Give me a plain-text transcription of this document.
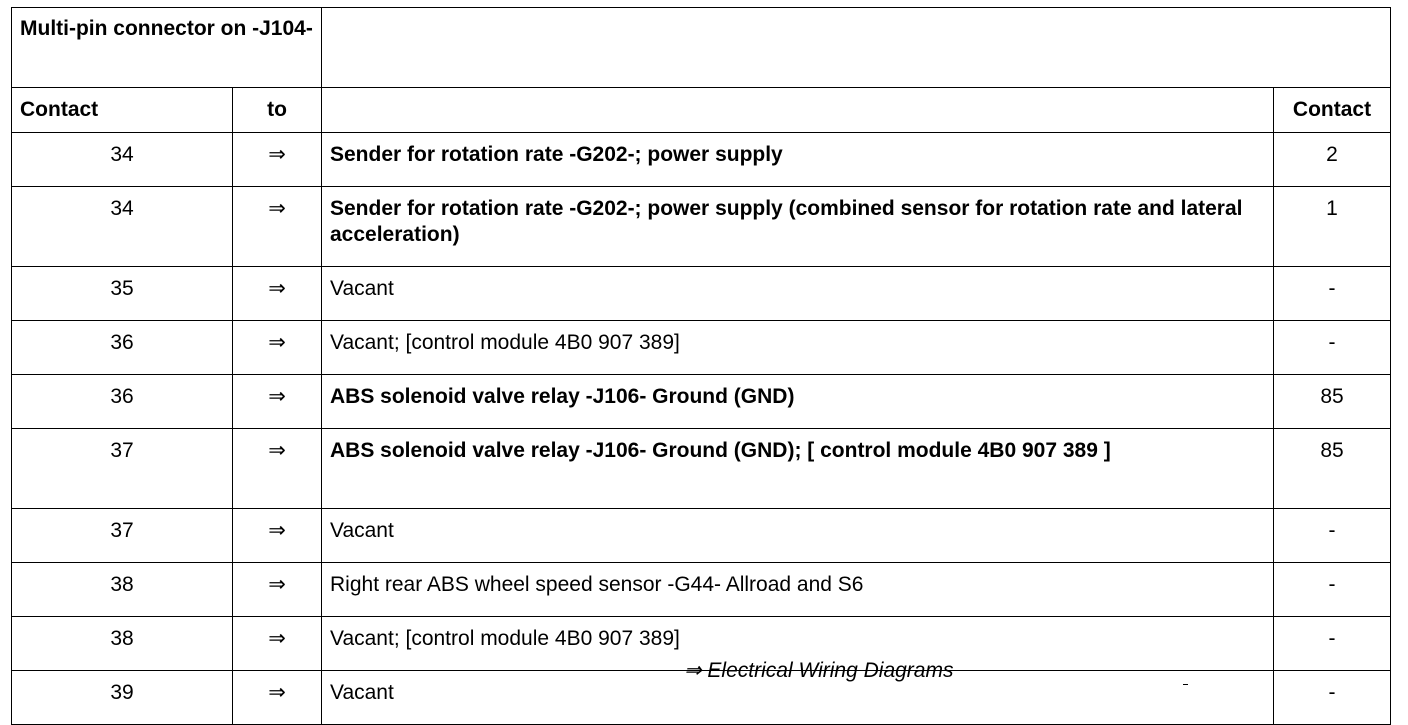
Multi-pin connector on -J104-			
Contact	to		Contact
34	⇒	Sender for rotation rate -G202-; power supply	2
34	⇒	Sender for rotation rate -G202-; power supply (combined sensor for rotation rate and lateral acceleration)	1
35	⇒	Vacant	-
36	⇒	Vacant; [control module 4B0 907 389]	-
36	⇒	ABS solenoid valve relay -J106- Ground (GND)	85
37	⇒	ABS solenoid valve relay -J106- Ground (GND); [ control module 4B0 907 389 ]	85
37	⇒	Vacant	-
38	⇒	Right rear ABS wheel speed sensor -G44- Allroad and S6	-
38	⇒	Vacant; [control module 4B0 907 389]	-
39	⇒	Vacant	-
⇒ Electrical Wiring Diagrams
